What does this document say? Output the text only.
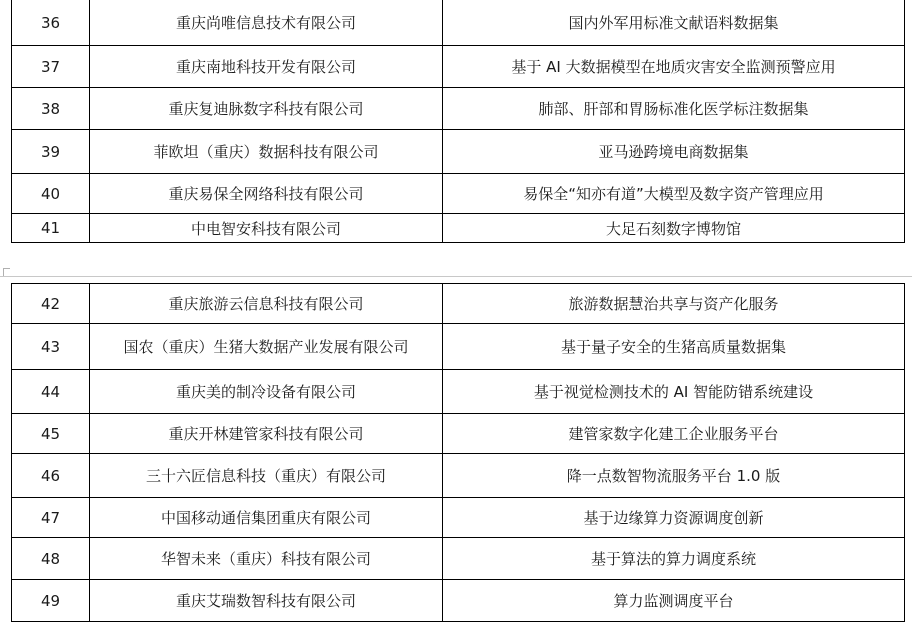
36	重庆尚唯信息技术有限公司	国内外军用标准文献语料数据集
37	重庆南地科技开发有限公司	基于 AI 大数据模型在地质灾害安全监测预警应用
38	重庆复迪脉数字科技有限公司	肺部、肝部和胃肠标准化医学标注数据集
39	菲欧坦（重庆）数据科技有限公司	亚马逊跨境电商数据集
40	重庆易保全网络科技有限公司	易保全“知亦有道”大模型及数字资产管理应用
41	中电智安科技有限公司	大足石刻数字博物馆
42	重庆旅游云信息科技有限公司	旅游数据慧治共享与资产化服务
43	国农（重庆）生猪大数据产业发展有限公司	基于量子安全的生猪高质量数据集
44	重庆美的制冷设备有限公司	基于视觉检测技术的 AI 智能防错系统建设
45	重庆开林建管家科技有限公司	建管家数字化建工企业服务平台
46	三十六匠信息科技（重庆）有限公司	降一点数智物流服务平台 1.0 版
47	中国移动通信集团重庆有限公司	基于边缘算力资源调度创新
48	华智未来（重庆）科技有限公司	基于算法的算力调度系统
49	重庆艾瑞数智科技有限公司	算力监测调度平台
